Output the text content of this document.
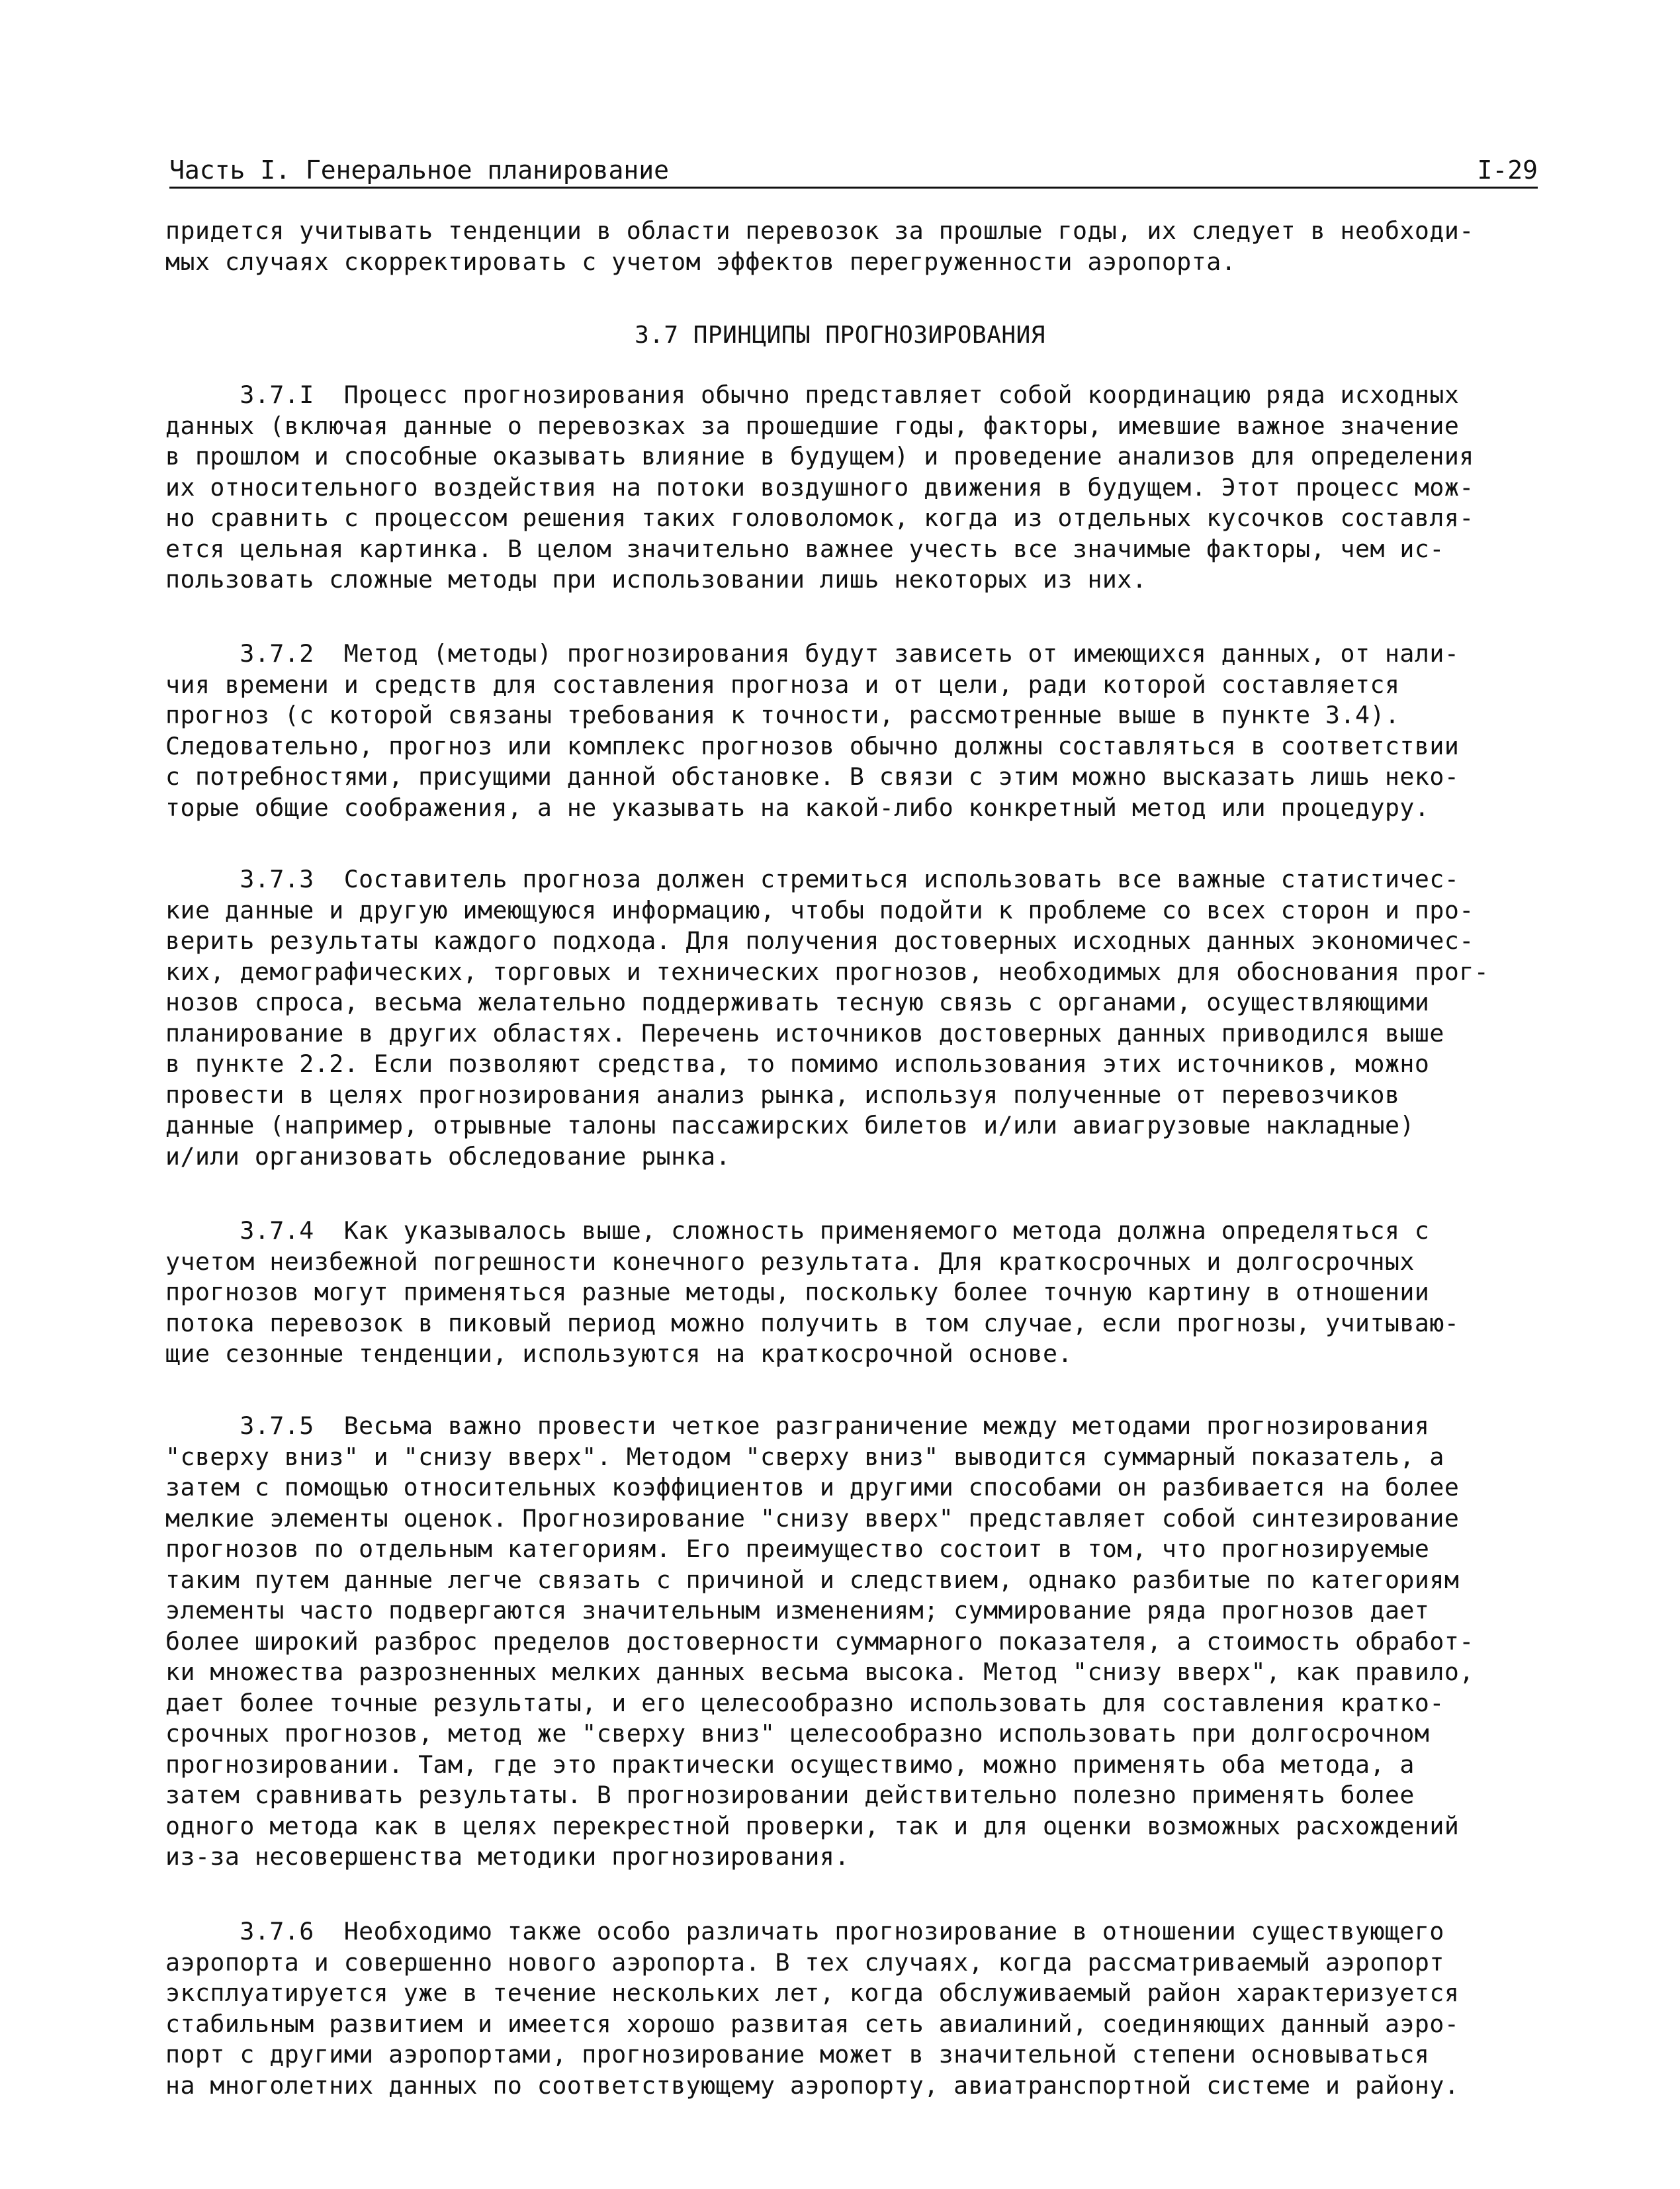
Часть I. Генеральное планирование	I-29
придется учитывать тенденции в области перевозок за прошлые годы, их следует в необходи-
мых случаях скорректировать с учетом эффектов перегруженности аэропорта.
3.7 ПРИНЦИПЫ ПРОГНОЗИРОВАНИЯ
3.7.I  Процесс прогнозирования обычно представляет собой координацию ряда исходных
данных (включая данные о перевозках за прошедшие годы, факторы, имевшие важное значение
в прошлом и способные оказывать влияние в будущем) и проведение анализов для определения
их относительного воздействия на потоки воздушного движения в будущем. Этот процесс мож-
но сравнить с процессом решения таких головоломок, когда из отдельных кусочков составля-
ется цельная картинка. В целом значительно важнее учесть все значимые факторы, чем ис-
пользовать сложные методы при использовании лишь некоторых из них.
3.7.2  Метод (методы) прогнозирования будут зависеть от имеющихся данных, от нали-
чия времени и средств для составления прогноза и от цели, ради которой составляется
прогноз (с которой связаны требования к точности, рассмотренные выше в пункте 3.4).
Следовательно, прогноз или комплекс прогнозов обычно должны составляться в соответствии
с потребностями, присущими данной обстановке. В связи с этим можно высказать лишь неко-
торые общие соображения, а не указывать на какой-либо конкретный метод или процедуру.
3.7.3  Составитель прогноза должен стремиться использовать все важные статистичес-
кие данные и другую имеющуюся информацию, чтобы подойти к проблеме со всех сторон и про-
верить результаты каждого подхода. Для получения достоверных исходных данных экономичес-
ких, демографических, торговых и технических прогнозов, необходимых для обоснования прог-
нозов спроса, весьма желательно поддерживать тесную связь с органами, осуществляющими
планирование в других областях. Перечень источников достоверных данных приводился выше
в пункте 2.2. Если позволяют средства, то помимо использования этих источников, можно
провести в целях прогнозирования анализ рынка, используя полученные от перевозчиков
данные (например, отрывные талоны пассажирских билетов и/или авиагрузовые накладные)
и/или организовать обследование рынка.
3.7.4  Как указывалось выше, сложность применяемого метода должна определяться с
учетом неизбежной погрешности конечного результата. Для краткосрочных и долгосрочных
прогнозов могут применяться разные методы, поскольку более точную картину в отношении
потока перевозок в пиковый период можно получить в том случае, если прогнозы, учитываю-
щие сезонные тенденции, используются на краткосрочной основе.
3.7.5  Весьма важно провести четкое разграничение между методами прогнозирования
"сверху вниз" и "снизу вверх". Методом "сверху вниз" выводится суммарный показатель, а
затем с помощью относительных коэффициентов и другими способами он разбивается на более
мелкие элементы оценок. Прогнозирование "снизу вверх" представляет собой синтезирование
прогнозов по отдельным категориям. Его преимущество состоит в том, что прогнозируемые
таким путем данные легче связать с причиной и следствием, однако разбитые по категориям
элементы часто подвергаются значительным изменениям; суммирование ряда прогнозов дает
более широкий разброс пределов достоверности суммарного показателя, а стоимость обработ-
ки множества разрозненных мелких данных весьма высока. Метод "снизу вверх", как правило,
дает более точные результаты, и его целесообразно использовать для составления кратко-
срочных прогнозов, метод же "сверху вниз" целесообразно использовать при долгосрочном
прогнозировании. Там, где это практически осуществимо, можно применять оба метода, а
затем сравнивать результаты. В прогнозировании действительно полезно применять более
одного метода как в целях перекрестной проверки, так и для оценки возможных расхождений
из-за несовершенства методики прогнозирования.
3.7.6  Необходимо также особо различать прогнозирование в отношении существующего
аэропорта и совершенно нового аэропорта. В тех случаях, когда рассматриваемый аэропорт
эксплуатируется уже в течение нескольких лет, когда обслуживаемый район характеризуется
стабильным развитием и имеется хорошо развитая сеть авиалиний, соединяющих данный аэро-
порт с другими аэропортами, прогнозирование может в значительной степени основываться
на многолетних данных по соответствующему аэропорту, авиатранспортной системе и району.
